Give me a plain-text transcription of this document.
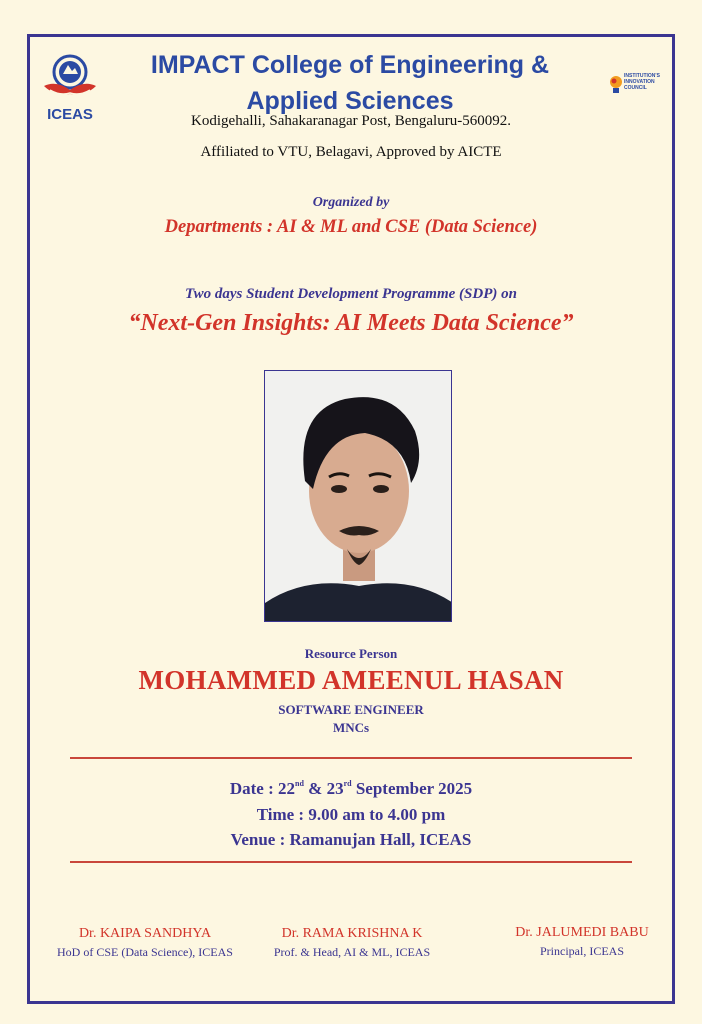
ICEAS
INSTITUTION'S
INNOVATION
COUNCIL
IMPACT College of Engineering &
Applied Sciences
Kodigehalli, Sahakaranagar Post, Bengaluru-560092.
Affiliated to VTU, Belagavi, Approved by AICTE
Organized by
Departments : AI & ML and CSE (Data Science)
Two days Student Development Programme (SDP) on
“Next-Gen Insights: AI Meets Data Science”
Resource Person
MOHAMMED AMEENUL HASAN
SOFTWARE ENGINEER
MNCs
Date : 22nd & 23rd September 2025
Time : 9.00 am to 4.00 pm
Venue : Ramanujan Hall, ICEAS
Dr. KAIPA SANDHYA
HoD of CSE (Data Science), ICEAS
Dr. RAMA KRISHNA K
Prof. & Head, AI & ML, ICEAS
Dr. JALUMEDI BABU
Principal, ICEAS
